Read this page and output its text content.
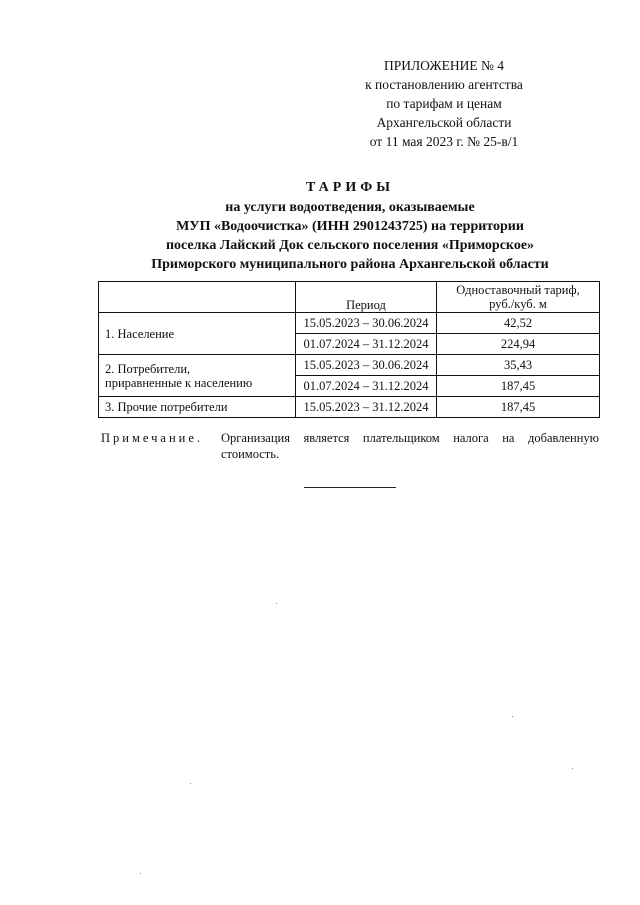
ПРИЛОЖЕНИЕ № 4
к постановлению агентства
по тарифам и ценам
Архангельской области
от 11 мая 2023 г. № 25-в/1
ТАРИФЫ
на услуги водоотведения, оказываемые
МУП «Водоочистка» (ИНН 2901243725) на территории
поселка Лайский Док сельского поселения «Приморское»
Приморского муниципального района Архангельской области
	Период	Одноставочный тариф,
руб./куб. м

1. Население	15.05.2023 – 30.06.2024	42,52
	01.07.2024 – 31.12.2024	224,94

2. Потребители,
приравненные к населению	15.05.2023 – 30.06.2024	35,43
	01.07.2024 – 31.12.2024	187,45
3. Прочие потребители	15.05.2023 – 31.12.2024	187,45
Примечание. Организация является плательщиком налога на добавленную стоимость.
